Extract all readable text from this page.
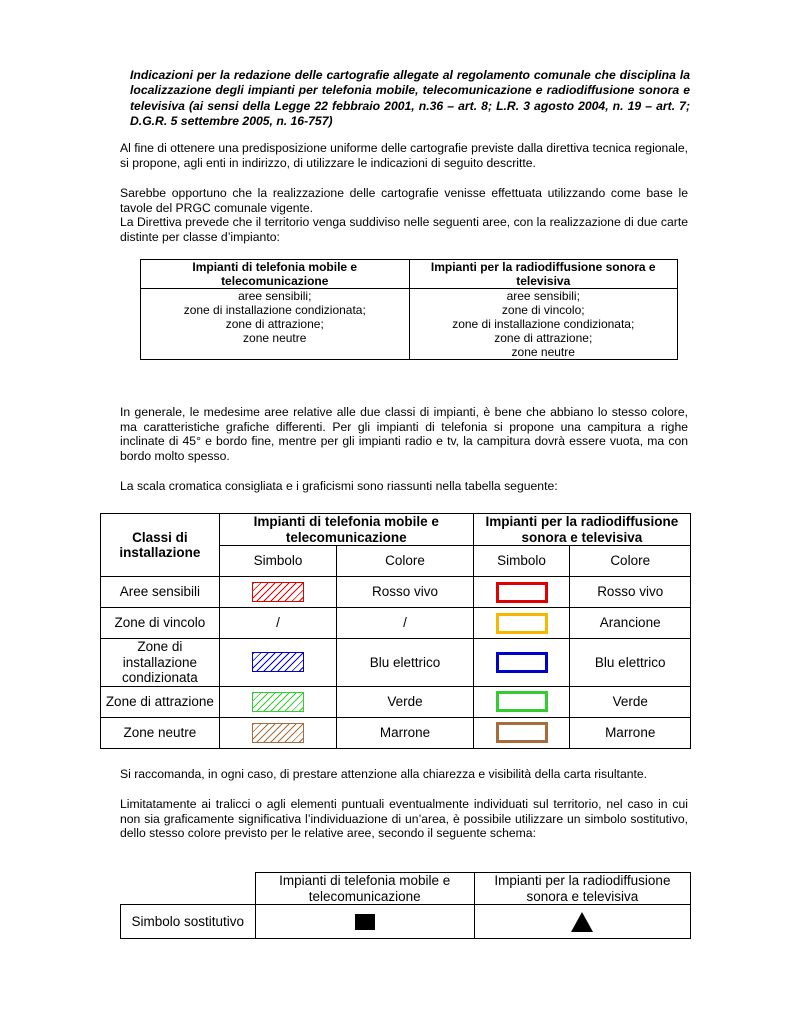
Indicazioni per la redazione delle cartografie allegate al regolamento comunale che disciplina la localizzazione degli impianti per telefonia mobile, telecomunicazione e radiodiffusione sonora e televisiva (ai sensi della Legge 22 febbraio 2001, n.36 – art. 8; L.R. 3 agosto 2004, n. 19 – art. 7; D.G.R. 5 settembre 2005, n. 16-757)

Al fine di ottenere una predisposizione uniforme delle cartografie previste dalla direttiva tecnica regionale, si propone, agli enti in indirizzo, di utilizzare le indicazioni di seguito descritte.

Sarebbe opportuno che la realizzazione delle cartografie venisse effettuata utilizzando come base le tavole del PRGC comunale vigente.

La Direttiva prevede che il territorio venga suddiviso nelle seguenti aree, con la realizzazione di due carte distinte per classe d’impianto:

Impianti di telefonia mobile e telecomunicazione	Impianti per la radiodiffusione sonora e televisiva

aree sensibili;
zone di installazione condizionata;
zone di attrazione;
zone neutre	aree sensibili;
zone di vincolo;
zone di installazione condizionata;
zone di attrazione;
zone neutre

In generale, le medesime aree relative alle due classi di impianti, è bene che abbiano lo stesso colore, ma caratteristiche grafiche differenti. Per gli impianti di telefonia si propone una campitura a righe inclinate di 45° e bordo fine, mentre per gli impianti radio e tv, la campitura dovrà essere vuota, ma con bordo molto spesso.

La scala cromatica consigliata e i graficismi sono riassunti nella tabella seguente:

Classi di installazione	Impianti di telefonia mobile e telecomunicazione		Impianti per la radiodiffusione sonora e televisiva	
	Simbolo	Colore	Simbolo	Colore
Aree sensibili		Rosso vivo		Rosso vivo
Zone di vincolo	/	/		Arancione
Zone di installazione condizionata		Blu elettrico		Blu elettrico
Zone di attrazione		Verde		Verde
Zone neutre		Marrone		Marrone

Si raccomanda, in ogni caso, di prestare attenzione alla chiarezza e visibilità della carta risultante.

Limitatamente ai tralicci o agli elementi puntuali eventualmente individuati sul territorio, nel caso in cui non sia graficamente significativa l’individuazione di un’area, è possibile utilizzare un simbolo sostitutivo, dello stesso colore previsto per le relative aree, secondo il seguente schema:

	Impianti di telefonia mobile e telecomunicazione	Impianti per la radiodiffusione sonora e televisiva
Simbolo sostitutivo		
